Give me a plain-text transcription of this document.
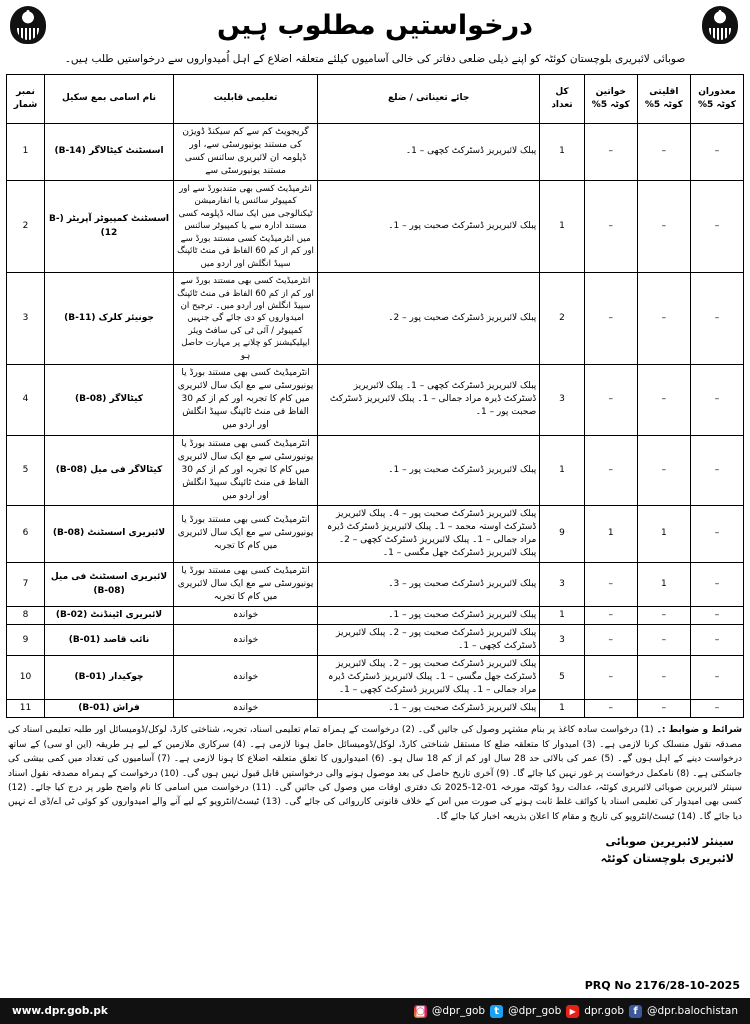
درخواستیں مطلوب ہیں
صوبائی لائبریری بلوچستان کوئٹہ کو اپنے ذیلی ضلعی دفاتر کی خالی آسامیوں کیلئے متعلقہ اضلاع کے اہل اُمیدواروں سے درخواستیں طلب ہیں۔
معذوران کوٹہ 5%	اقلیتی کوٹہ 5%	خواتین کوٹہ 5%	کل تعداد	جائے تعیناتی / ضلع	تعلیمی قابلیت	نام اسامی بمع سکیل	نمبر شمار
–	–	–	1	پبلک لائبریریز ڈسٹرکٹ کچھی – 1۔	گریجویٹ کم سے کم سیکنڈ ڈویژن کی مستند یونیورسٹی سے، اور ڈپلومہ ان لائبریری سائنس کسی مستند یونیورسٹی سے	اسسٹنٹ کیٹالاگر (B-14)	1
–	–	–	1	پبلک لائبریریز ڈسٹرکٹ صحبت پور – 1۔	انٹرمیڈیٹ کسی بھی متندبورڈ سے اور کمپیوٹر سائنس یا انفارمیشن ٹیکنالوجی میں ایک سالہ ڈپلومہ کسی مستند ادارہ سے یا کمپیوٹر سائنس میں انٹرمیڈیٹ کسی مستند بورڈ سے اور کم از کم 60 الفاظ فی منٹ ٹائپنگ سپیڈ انگلش اور اردو میں	اسسٹنٹ کمپیوٹر آپریٹر (B-12)	2
–	–	–	2	پبلک لائبریریز ڈسٹرکٹ صحبت پور – 2۔	انٹرمیڈیٹ کسی بھی مستند بورڈ سے اور کم از کم 60 الفاظ فی منٹ ٹائپنگ سپیڈ انگلش اور اردو میں۔ ترجیح ان امیدواروں کو دی جائے گی جنہیں کمپیوٹر / آئی ٹی کی سافٹ ویئر ایپلیکیشنز کو چلانے پر مہارت حاصل ہو	جونیئر کلرک (B-11)	3
–	–	–	3	پبلک لائبریریز ڈسٹرکٹ کچھی – 1۔ پبلک لائبریریز ڈسٹرکٹ ڈیرہ مراد جمالی – 1۔ پبلک لائبریریز ڈسٹرکٹ صحبت پور – 1۔	انٹرمیڈیٹ کسی بھی مستند بورڈ یا یونیورسٹی سے مع ایک سال لائبریری میں کام کا تجربہ اور کم از کم 30 الفاظ فی منٹ ٹائپنگ سپیڈ انگلش اور اردو میں	کیٹالاگر (B-08)	4
–	–	–	1	پبلک لائبریریز ڈسٹرکٹ صحبت پور – 1۔	انٹرمیڈیٹ کسی بھی مستند بورڈ یا یونیورسٹی سے مع ایک سال لائبریری میں کام کا تجربہ اور کم از کم 30 الفاظ فی منٹ ٹائپنگ سپیڈ انگلش اور اردو میں	کیٹالاگر فی میل (B-08)	5
–	1	1	9	پبلک لائبریریز ڈسٹرکٹ صحبت پور – 4۔ پبلک لائبریریز ڈسٹرکٹ اوستہ محمد – 1۔ پبلک لائبریریز ڈسٹرکٹ ڈیرہ مراد جمالی – 1۔ پبلک لائبریریز ڈسٹرکٹ کچھی – 2۔ پبلک لائبریریز ڈسٹرکٹ جھل مگسی – 1۔	انٹرمیڈیٹ کسی بھی مستند بورڈ یا یونیورسٹی سے مع ایک سال لائبریری میں کام کا تجربہ	لائبریری اسسٹنٹ (B-08)	6
–	1	–	3	پبلک لائبریریز ڈسٹرکٹ صحبت پور – 3۔	انٹرمیڈیٹ کسی بھی مستند بورڈ یا یونیورسٹی سے مع ایک سال لائبریری میں کام کا تجربہ	لائبریری اسسٹنٹ فی میل (B-08)	7
–	–	–	1	پبلک لائبریریز ڈسٹرکٹ صحبت پور – 1۔	خواندہ	لائبریری اٹینڈنٹ (B-02)	8
–	–	–	3	پبلک لائبریریز ڈسٹرکٹ صحبت پور – 2۔ پبلک لائبریریز ڈسٹرکٹ کچھی – 1۔	خواندہ	نائب قاصد (B-01)	9
–	–	–	5	پبلک لائبریریز ڈسٹرکٹ صحبت پور – 2۔ پبلک لائبریریز ڈسٹرکٹ جھل مگسی – 1۔ پبلک لائبریریز ڈسٹرکٹ ڈیرہ مراد جمالی – 1۔ پبلک لائبریریز ڈسٹرکٹ کچھی – 1۔	خواندہ	چوکیدار (B-01)	10
–	–	–	1	پبلک لائبریریز ڈسٹرکٹ صحبت پور – 1۔	خواندہ	فراش (B-01)	11
شرائط و ضوابط :۔ (1) درخواست سادہ کاغذ پر بنام مشتہر وصول کی جائیں گی۔ (2) درخواست کے ہمراہ تمام تعلیمی اسناد، تجربہ، شناختی کارڈ، لوکل/ڈومیسائل اور طلبہ تعلیمی اسناد کی مصدقہ نقول منسلک کرنا لازمی ہے۔ (3) امیدوار کا متعلقہ ضلع کا مستقل شناختی کارڈ، لوکل/ڈومیسائل حامل ہونا لازمی ہے۔ (4) سرکاری ملازمین کے لیے ہر طریقہ (این او سی) کے ساتھ درخواست دینے کے اہل ہوں گے۔ (5) عمر کی بالائی حد 28 سال اور کم از کم 18 سال ہو۔ (6) امیدواروں کا تعلق متعلقہ اضلاع کا ہونا لازمی ہے۔ (7) آسامیوں کی تعداد میں کمی بیشی کی جاسکتی ہے۔ (8) نامکمل درخواست پر غور نہیں کیا جائے گا۔ (9) آخری تاریخ حاصل کی بعد موصول ہونے والی درخواستیں قابل قبول نہیں ہوں گی۔ (10) درخواست کے ہمراہ مصدقہ نقول اسناد سینئر لائبریرین صوبائی لائبریری کوئٹہ، عدالت روڈ کوئٹہ مورخہ 01-12-2025 تک دفتری اوقات میں وصول کی جائیں گی۔ (11) درخواست میں اسامی کا نام واضح طور پر درج کیا جائے۔ (12) کسی بھی امیدوار کی تعلیمی اسناد یا کوائف غلط ثابت ہونے کی صورت میں اس کے خلاف قانونی کارروائی کی جائے گی۔ (13) ٹیسٹ/انٹرویو کے لیے آنے والے امیدواروں کو کوئی ٹی اے/ڈی اے نہیں دیا جائے گا۔ (14) ٹیسٹ/انٹرویو کی تاریخ و مقام کا اعلان بذریعہ اخبار کیا جائے گا۔
سینئر لائبریرین صوبائی
لائبریری بلوچستان کوئٹہ
PRQ No 2176/28-10-2025
www.dpr.gob.pk	◙ @dpr_gob t @dpr_gob	▶ dpr.gob f @dpr.balochistan
